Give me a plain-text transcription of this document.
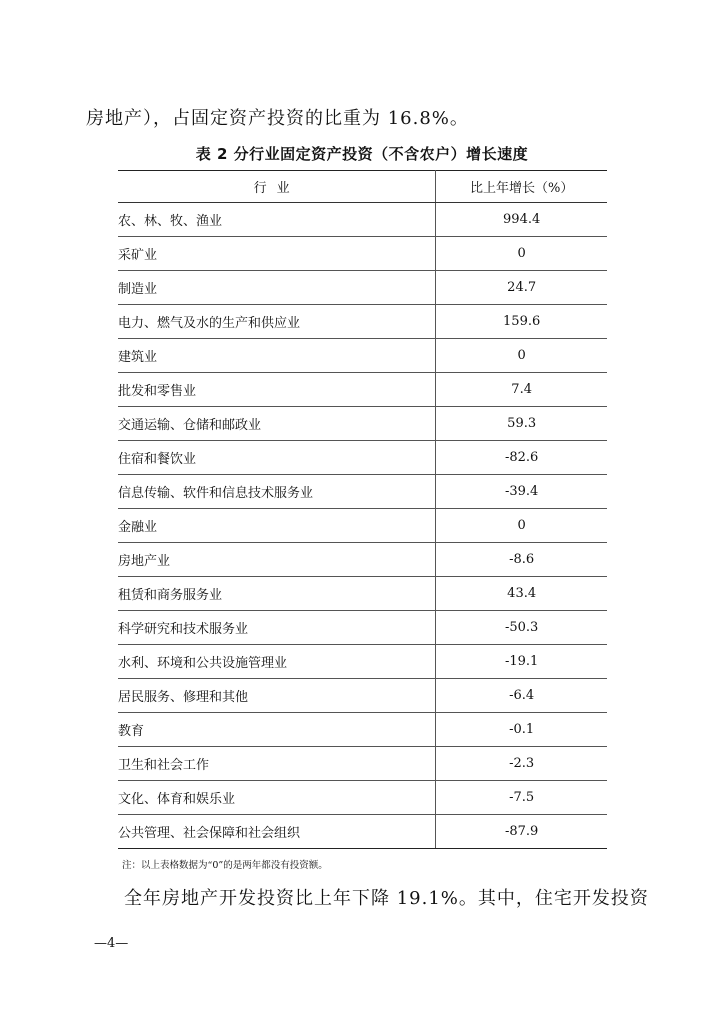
房地产），占固定资产投资的比重为 16.8%。
表 2 分行业固定资产投资（不含农户）增长速度
行业	比上年增长（%）
农、林、牧、渔业	994.4
采矿业	0
制造业	24.7
电力、燃气及水的生产和供应业	159.6
建筑业	0
批发和零售业	7.4
交通运输、仓储和邮政业	59.3
住宿和餐饮业	-82.6
信息传输、软件和信息技术服务业	-39.4
金融业	0
房地产业	-8.6
租赁和商务服务业	43.4
科学研究和技术服务业	-50.3
水利、环境和公共设施管理业	-19.1
居民服务、修理和其他	-6.4
教育	-0.1
卫生和社会工作	-2.3
文化、体育和娱乐业	-7.5
公共管理、社会保障和社会组织	-87.9
注：以上表格数据为“0”的是两年都没有投资额。
全年房地产开发投资比上年下降 19.1%。其中，住宅开发投资
—4—
